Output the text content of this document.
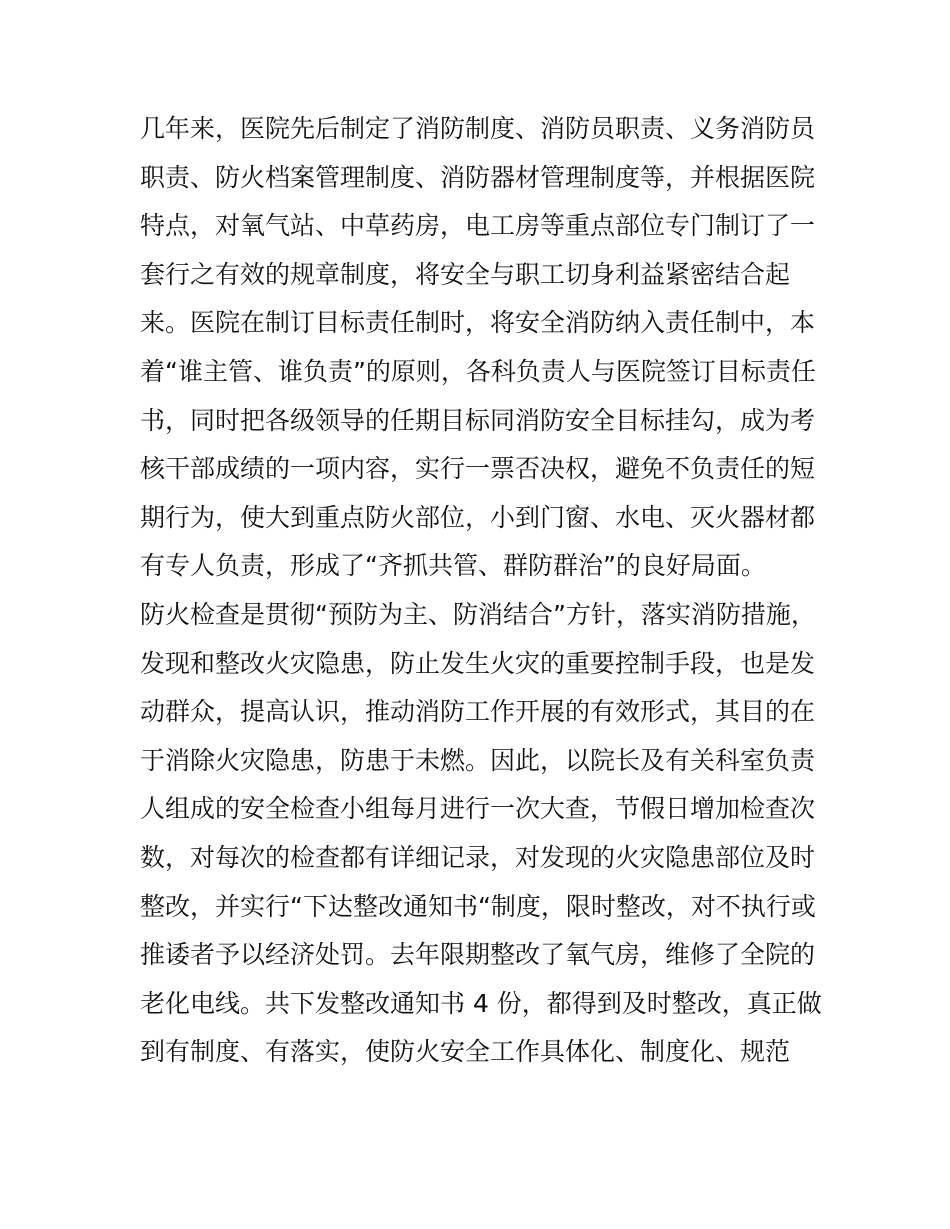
几年来，医院先后制定了消防制度、消防员职责、义务消防员
职责、防火档案管理制度、消防器材管理制度等，并根据医院
特点，对氧气站、中草药房，电工房等重点部位专门制订了一
套行之有效的规章制度，将安全与职工切身利益紧密结合起
来。医院在制订目标责任制时，将安全消防纳入责任制中，本
着“谁主管、谁负责”的原则，各科负责人与医院签订目标责任
书，同时把各级领导的任期目标同消防安全目标挂勾，成为考
核干部成绩的一项内容，实行一票否决权，避免不负责任的短
期行为，使大到重点防火部位，小到门窗、水电、灭火器材都
有专人负责，形成了“齐抓共管、群防群治”的良好局面。
防火检查是贯彻“预防为主、防消结合”方针，落实消防措施，
发现和整改火灾隐患，防止发生火灾的重要控制手段，也是发
动群众，提高认识，推动消防工作开展的有效形式，其目的在
于消除火灾隐患，防患于未燃。因此，以院长及有关科室负责
人组成的安全检查小组每月进行一次大查，节假日增加检查次
数，对每次的检查都有详细记录，对发现的火灾隐患部位及时
整改，并实行“下达整改通知书“制度，限时整改，对不执行或
推诿者予以经济处罚。去年限期整改了氧气房，维修了全院的
老化电线。共下发整改通知书 4 份，都得到及时整改，真正做
到有制度、有落实，使防火安全工作具体化、制度化、规范
